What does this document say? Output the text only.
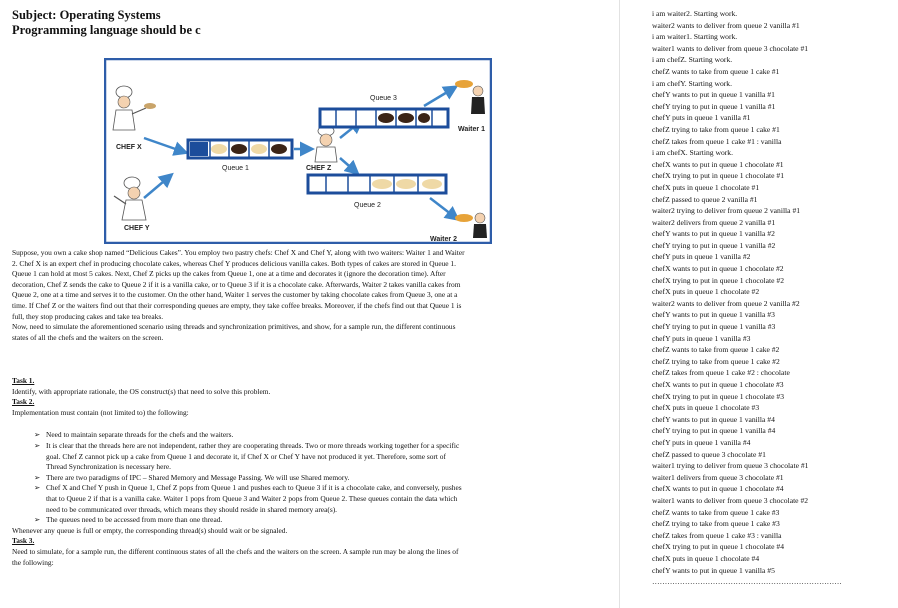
Subject: Operating Systems
Programming language should be c
CHEF X
CHEF Y
Queue 1	CHEF Z
Queue 3
Waiter 1
Queue 2
Waiter 2
Suppose, you own a cake shop named “Delicious Cakes”. You employ two pastry chefs: Chef X and Chef Y, along with two waiters: Waiter 1 and Waiter
2. Chef X is an expert chef in producing chocolate cakes, whereas Chef Y produces delicious vanilla cakes. Both types of cakes are stored in Queue 1.
Queue 1 can hold at most 5 cakes. Next, Chef Z picks up the cakes from Queue 1, one at a time and decorates it (ignore the decoration time). After
decoration, Chef Z sends the cake to Queue 2 if it is a vanilla cake, or to Queue 3 if it is a chocolate cake. Afterwards, Waiter 2 takes vanilla cakes from
Queue 2, one at a time and serves it to the customer. On the other hand, Waiter 1 serves the customer by taking chocolate cakes from Queue 3, one at a
time. If Chef Z or the waiters find out that their corresponding queues are empty, they take coffee breaks. Moreover, if the chefs find out that Queue 1 is
full, they stop producing cakes and take tea breaks.
Now, need to simulate the aforementioned scenario using threads and synchronization primitives, and show, for a sample run, the different continuous
states of all the chefs and the waiters on the screen.
Task 1.
Identify, with appropriate rationale, the OS construct(s) that need to solve this problem.
Task 2.
Implementation must contain (not limited to) the following:
➢ Need to maintain separate threads for the chefs and the waiters.
➢ It is clear that the threads here are not independent, rather they are cooperating threads. Two or more threads working together for a specific
goal. Chef Z cannot pick up a cake from Queue 1 and decorate it, if Chef X or Chef Y have not produced it yet. Therefore, some sort of
Thread Synchronization is necessary here.
➢ There are two paradigms of IPC – Shared Memory and Message Passing. We will use Shared memory.
➢ Chef X and Chef Y push in Queue 1, Chef Z pops from Queue 1 and pushes each to Queue 3 if it is a chocolate cake, and conversely, pushes
that to Queue 2 if that is a vanilla cake. Waiter 1 pops from Queue 3 and Waiter 2 pops from Queue 2. These queues contain the data which
need to be communicated over threads, which means they should reside in shared memory area(s).
➢ The queues need to be accessed from more than one thread.
Whenever any queue is full or empty, the corresponding thread(s) should wait or be signaled.
Task 3.
Need to simulate, for a sample run, the different continuous states of all the chefs and the waiters on the screen. A sample run may be along the lines of
the following:
i am waiter2. Starting work.
waiter2 wants to deliver from queue 2 vanilla #1
i am waiter1. Starting work.
waiter1 wants to deliver from queue 3 chocolate #1
i am chefZ. Starting work.
chefZ wants to take from queue 1 cake #1
i am chefY. Starting work.
chefY wants to put in queue 1 vanilla #1
chefY trying to put in queue 1 vanilla #1
chefY puts in queue 1 vanilla #1
chefZ trying to take from queue 1 cake #1
chefZ takes from queue 1 cake #1 : vanilla
i am chefX. Starting work.
chefX wants to put in queue 1 chocolate #1
chefX trying to put in queue 1 chocolate #1
chefX puts in queue 1 chocolate #1
chefZ passed to queue 2 vanilla #1
waiter2 trying to deliver from queue 2 vanilla #1
waiter2 delivers from queue 2 vanilla #1
chefY wants to put in queue 1 vanilla #2
chefY trying to put in queue 1 vanilla #2
chefY puts in queue 1 vanilla #2
chefX wants to put in queue 1 chocolate #2
chefX trying to put in queue 1 chocolate #2
chefX puts in queue 1 chocolate #2
waiter2 wants to deliver from queue 2 vanilla #2
chefY wants to put in queue 1 vanilla #3
chefY trying to put in queue 1 vanilla #3
chefY puts in queue 1 vanilla #3
chefZ wants to take from queue 1 cake #2
chefZ trying to take from queue 1 cake #2
chefZ takes from queue 1 cake #2 : chocolate
chefX wants to put in queue 1 chocolate #3
chefX trying to put in queue 1 chocolate #3
chefX puts in queue 1 chocolate #3
chefY wants to put in queue 1 vanilla #4
chefY trying to put in queue 1 vanilla #4
chefY puts in queue 1 vanilla #4
chefZ passed to queue 3 chocolate #1
waiter1 trying to deliver from queue 3 chocolate #1
waiter1 delivers from queue 3 chocolate #1
chefX wants to put in queue 1 chocolate #4
waiter1 wants to deliver from queue 3 chocolate #2
chefZ wants to take from queue 1 cake #3
chefZ trying to take from queue 1 cake #3
chefZ takes from queue 1 cake #3 : vanilla
chefX trying to put in queue 1 chocolate #4
chefX puts in queue 1 chocolate #4
chefY wants to put in queue 1 vanilla #5
…………………………………………………………………
